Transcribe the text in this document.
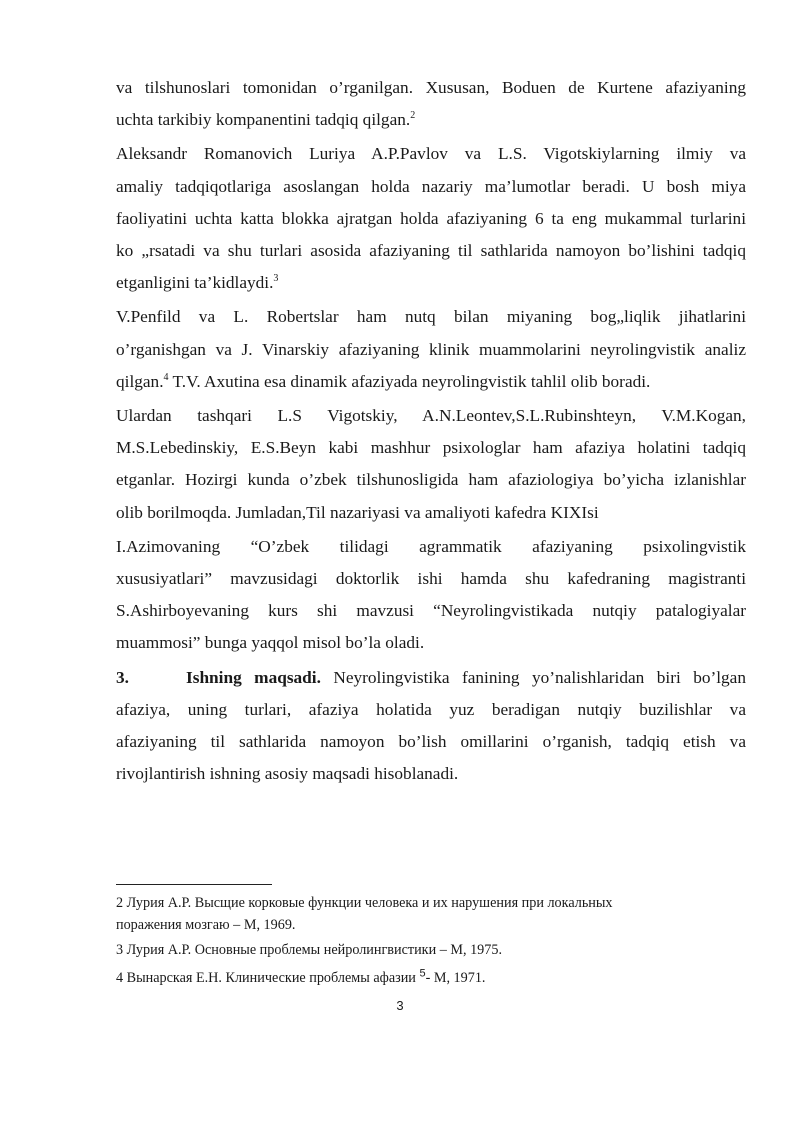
va tilshunoslari tomonidan o’rganilgan. Xususan, Boduen de Kurtene afaziyaning
uchta tarkibiy kompanentini tadqiq qilgan.$^2$

Aleksandr Romanovich Luriya A.P.Pavlov va L.S. Vigotskiylarning ilmiy va
amaliy tadqiqotlariga asoslangan holda nazariy ma’lumotlar beradi. U bosh miya
faoliyatini uchta katta blokka ajratgan holda afaziyaning 6 ta eng mukammal turlarini
ko „rsatadi va shu turlari asosida afaziyaning til sathlarida namoyon bo’lishini tadqiq
etganligini ta’kidlaydi.$^3$

V.Penfild va L. Robertslar ham nutq bilan miyaning bog„liqlik jihatlarini
o’rganishgan va J. Vinarskiy afaziyaning klinik muammolarini neyrolingvistik analiz
qilgan.$^4$ T.V. Axutina esa dinamik afaziyada neyrolingvistik tahlil olib boradi.

Ulardan tashqari L.S Vigotskiy, A.N.Leontev,S.L.Rubinshteyn, V.M.Kogan,
M.S.Lebedinskiy, E.S.Beyn kabi mashhur psixologlar ham afaziya holatini tadqiq
etganlar. Hozirgi kunda o’zbek tilshunosligida ham afaziologiya bo’yicha izlanishlar
olib borilmoqda. Jumladan,Til nazariyasi va amaliyoti kafedra KIXIsi

I.Azimovaning “O’zbek tilidagi agrammatik afaziyaning psixolingvistik
xususiyatlari” mavzusidagi doktorlik ishi hamda shu kafedraning magistranti
S.Ashirboyevaning kurs shi mavzusi “Neyrolingvistikada nutqiy patalogiyalar
muammosi” bunga yaqqol misol bo’la oladi.

3.	Ishning maqsadi. Neyrolingvistika fanining yo’nalishlaridan biri bo’lgan
afaziya, uning turlari, afaziya holatida yuz beradigan nutqiy buzilishlar va
afaziyaning til sathlarida namoyon bo’lish omillarini o’rganish, tadqiq etish va
rivojlantirish ishning asosiy maqsadi hisoblanadi.

2 Лурия А.Р. Высщие корковые функции человека и их нарушения при локальных
поражения мозгаю – М, 1969.

3 Лурия А.Р. Основные проблемы нейролингвистики – М, 1975.

4 Вынарская Е.Н. Клинические проблемы афазии $^5$- М, 1971.

3
